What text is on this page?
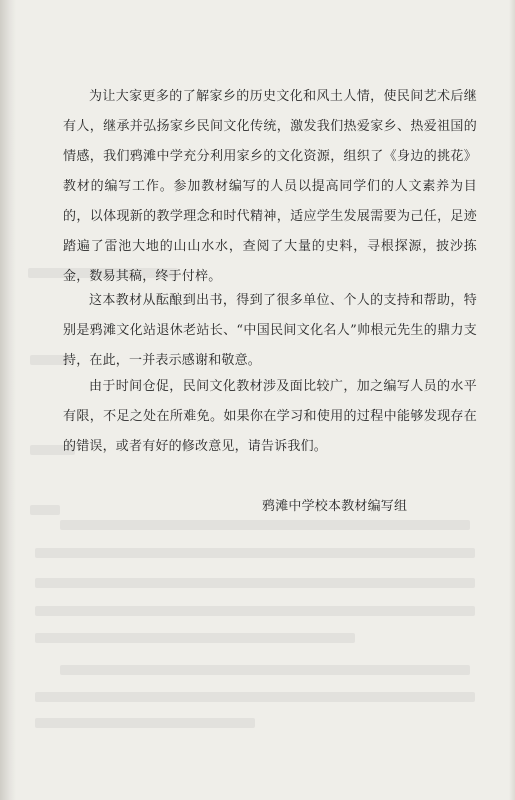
为让大家更多的了解家乡的历史文化和风土人情，使民间艺术后继有人，继承并弘扬家乡民间文化传统，激发我们热爱家乡、热爱祖国的情感，我们鸦滩中学充分利用家乡的文化资源，组织了《身边的挑花》教材的编写工作。参加教材编写的人员以提高同学们的人文素养为目的，以体现新的教学理念和时代精神，适应学生发展需要为己任，足迹踏遍了雷池大地的山山水水，查阅了大量的史料，寻根探源，披沙拣金，数易其稿，终于付梓。

这本教材从酝酿到出书，得到了很多单位、个人的支持和帮助，特别是鸦滩文化站退休老站长、“中国民间文化名人”帅根元先生的鼎力支持，在此，一并表示感谢和敬意。

由于时间仓促，民间文化教材涉及面比较广，加之编写人员的水平有限，不足之处在所难免。如果你在学习和使用的过程中能够发现存在的错误，或者有好的修改意见，请告诉我们。

鸦滩中学校本教材编写组
